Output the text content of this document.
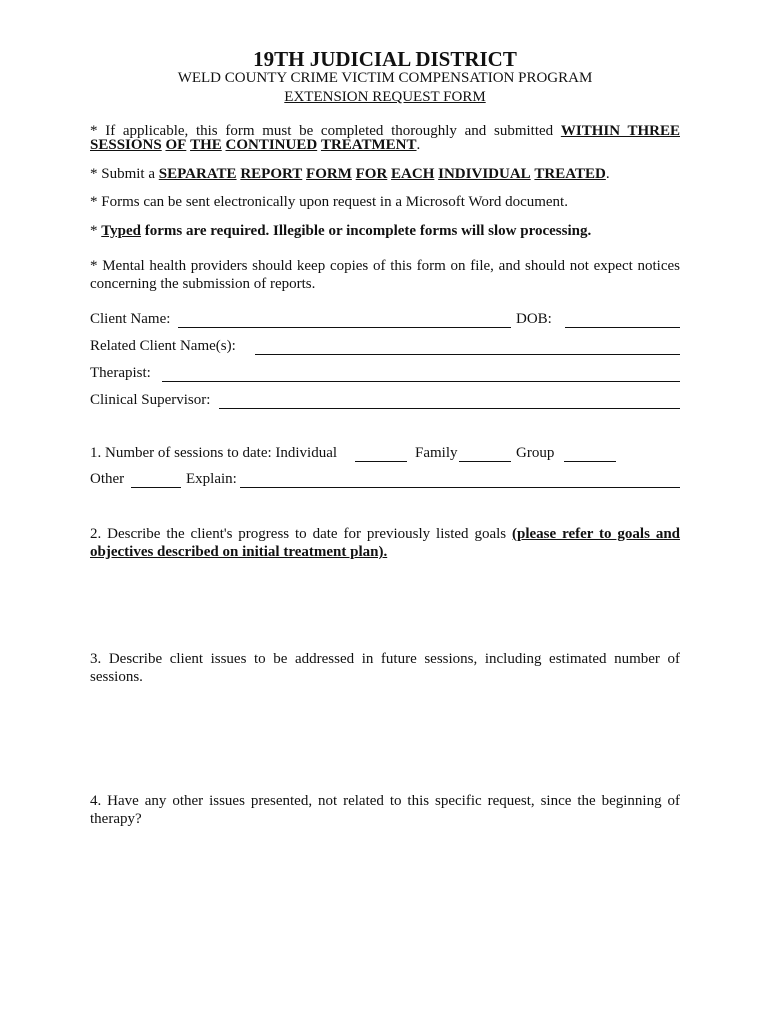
19TH JUDICIAL DISTRICT
WELD COUNTY CRIME VICTIM COMPENSATION PROGRAM
EXTENSION REQUEST FORM
* If applicable, this form must be completed thoroughly and submitted WITHIN THREE
SESSIONS OF THE CONTINUED TREATMENT.
* Submit a SEPARATE REPORT FORM FOR EACH INDIVIDUAL TREATED.
* Forms can be sent electronically upon request in a Microsoft Word document.
* Typed forms are required. Illegible or incomplete forms will slow processing.
* Mental health providers should keep copies of this form on file, and should not expect notices concerning the submission of reports.
Client Name:	DOB:
Related Client Name(s):
Therapist:
Clinical Supervisor:
1. Number of sessions to date: Individual	Family	Group
Other	Explain:
2. Describe the client's progress to date for previously listed goals (please refer to goals and objectives described on initial treatment plan).
3. Describe client issues to be addressed in future sessions, including estimated number of sessions.
4. Have any other issues presented, not related to this specific request, since the beginning of therapy?
